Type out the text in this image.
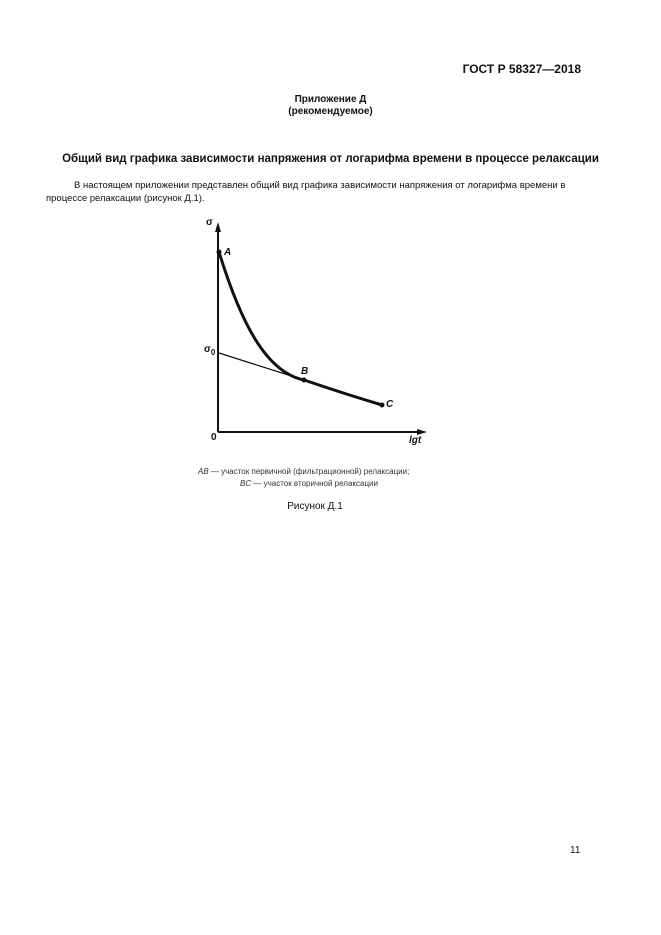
ГОСТ Р 58327—2018
Приложение Д
(рекомендуемое)
Общий вид графика зависимости напряжения от логарифма времени в процессе релаксации
В настоящем приложении представлен общий вид графика зависимости напряжения от логарифма времени в процессе релаксации (рисунок Д.1).
σ
A
$\sigma_0$
B
C
0	lgt
AB — участок первичной (фильтрационной) релаксации;
BC — участок вторичной релаксации
Рисунок Д.1
11
